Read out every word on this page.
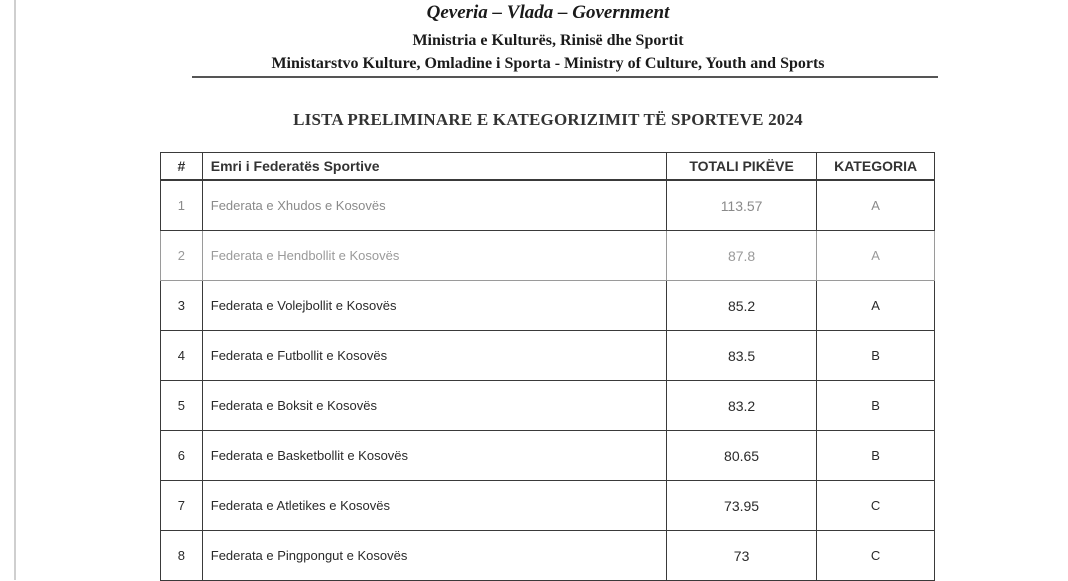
Qeveria – Vlada – Government
Ministria e Kulturës, Rinisë dhe Sportit
Ministarstvo Kulture, Omladine i Sporta - Ministry of Culture, Youth and Sports
LISTA PRELIMINARE E KATEGORIZIMIT TË SPORTEVE 2024
#	Emri i Federatës Sportive	TOTALI PIKËVE	KATEGORIA
1	Federata e Xhudos e Kosovës	113.57	A
2	Federata e Hendbollit e Kosovës	87.8	A
3	Federata e Volejbollit e Kosovës	85.2	A
4	Federata e Futbollit e Kosovës	83.5	B
5	Federata e Boksit e Kosovës	83.2	B
6	Federata e Basketbollit e Kosovës	80.65	B
7	Federata e Atletikes e Kosovës	73.95	C
8	Federata e Pingpongut e Kosovës	73	C
